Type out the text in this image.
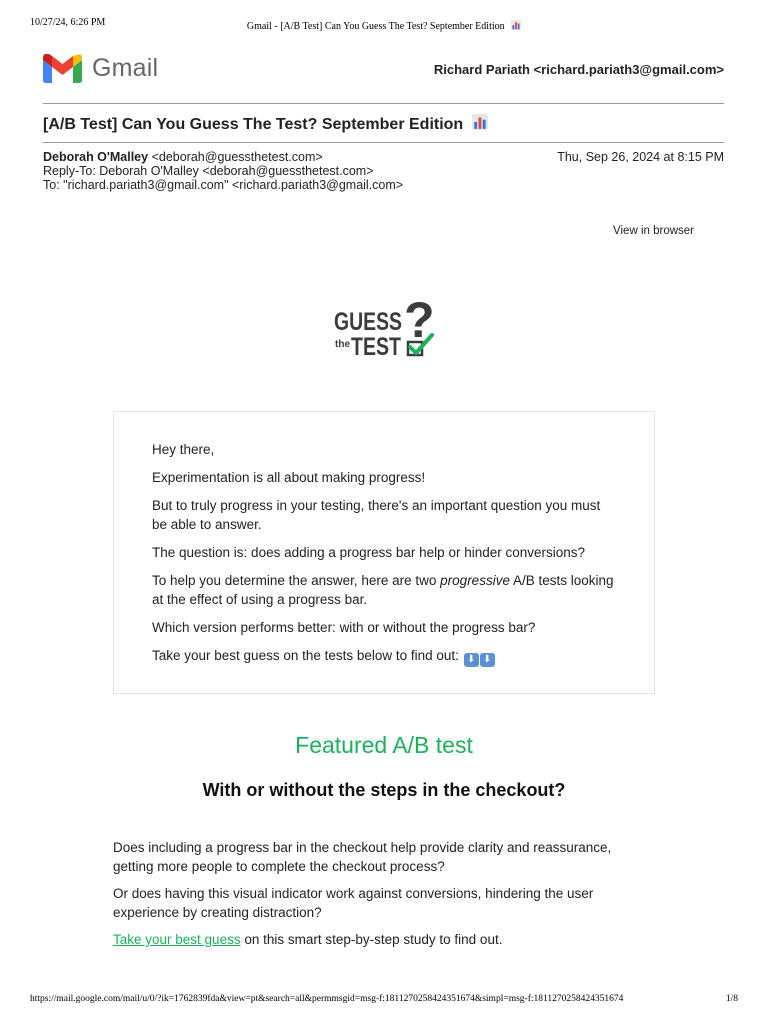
10/27/24, 6:26 PM	Gmail - [A/B Test] Can You Guess The Test? September Edition
Gmail	Richard Pariath <richard.pariath3@gmail.com>
[A/B Test] Can You Guess The Test? September Edition
Deborah O'Malley <deborah@guessthetest.com>
Reply-To: Deborah O'Malley <deborah@guessthetest.com>
To: "richard.pariath3@gmail.com" <richard.pariath3@gmail.com>
Thu, Sep 26, 2024 at 8:15 PM
View in browser
GUESS
the TEST ?

Hey there,

Experimentation is all about making progress!

But to truly progress in your testing, there's an important question you must be able to answer.

The question is: does adding a progress bar help or hinder conversions?

To help you determine the answer, here are two progressive A/B tests looking at the effect of using a progress bar.

Which version performs better: with or without the progress bar?

Take your best guess on the tests below to find out: ⬇ ⬇

Featured A/B test
With or without the steps in the checkout?

Does including a progress bar in the checkout help provide clarity and reassurance, getting more people to complete the checkout process?

Or does having this visual indicator work against conversions, hindering the user experience by creating distraction?

Take your best guess on this smart step-by-step study to find out.

https://mail.google.com/mail/u/0/?ik=1762839fda&view=pt&search=all&permmsgid=msg-f:1811270258424351674&simpl=msg-f:1811270258424351674	1/8
